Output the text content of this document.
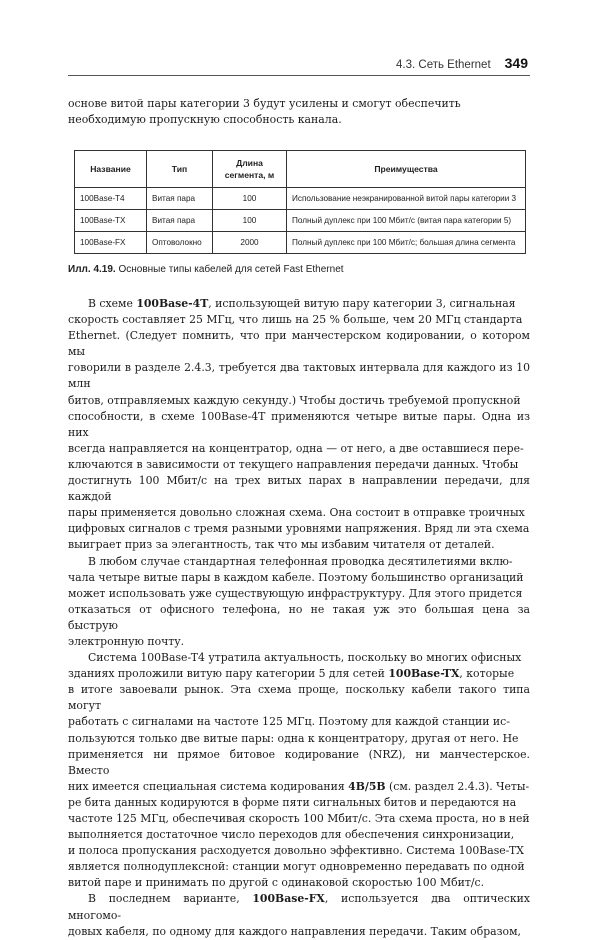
4.3. Сеть Ethernet 349

основе витой пары категории 3 будут усилены и смогут обеспечить необходимую пропускную способность канала.

Название	Тип	Длина сегмента, м	Преимущества
100Base-T4	Витая пара	100	Использование неэкранированной витой пары категории 3
100Base-TX	Витая пара	100	Полный дуплекс при 100 Мбит/с (витая пара категории 5)
100Base-FX	Оптоволокно	2000	Полный дуплекс при 100 Мбит/с; большая длина сегмента
Илл. 4.19. Основные типы кабелей для сетей Fast Ethernet

В схеме 100Base-4T, использующей витую пару категории 3, сигнальная
скорость составляет 25 МГц, что лишь на 25 % больше, чем 20 МГц стандарта
Ethernet. (Следует помнить, что при манчестерском кодировании, о котором мы
говорили в разделе 2.4.3, требуется два тактовых интервала для каждого из 10 млн
битов, отправляемых каждую секунду.) Чтобы достичь требуемой пропускной
способности, в схеме 100Base-4T применяются четыре витые пары. Одна из них
всегда направляется на концентратор, одна — от него, а две оставшиеся пере-
ключаются в зависимости от текущего направления передачи данных. Чтобы
достигнуть 100 Мбит/с на трех витых парах в направлении передачи, для каждой
пары применяется довольно сложная схема. Она состоит в отправке троичных
цифровых сигналов с тремя разными уровнями напряжения. Вряд ли эта схема
выиграет приз за элегантность, так что мы избавим читателя от деталей.

В любом случае стандартная телефонная проводка десятилетиями вклю-
чала четыре витые пары в каждом кабеле. Поэтому большинство организаций
может использовать уже существующую инфраструктуру. Для этого придется
отказаться от офисного телефона, но не такая уж это большая цена за быструю
электронную почту.

Система 100Base-T4 утратила актуальность, поскольку во многих офисных
зданиях проложили витую пару категории 5 для сетей 100Base-TX, которые
в итоге завоевали рынок. Эта схема проще, поскольку кабели такого типа могут
работать с сигналами на частоте 125 МГц. Поэтому для каждой станции ис-
пользуются только две витые пары: одна к концентратору, другая от него. Не
применяется ни прямое битовое кодирование (NRZ), ни манчестерское. Вместо
них имеется специальная система кодирования 4B/5B (см. раздел 2.4.3). Четы-
ре бита данных кодируются в форме пяти сигнальных битов и передаются на
частоте 125 МГц, обеспечивая скорость 100 Мбит/с. Эта схема проста, но в ней
выполняется достаточное число переходов для обеспечения синхронизации,
и полоса пропускания расходуется довольно эффективно. Система 100Base-TX
является полнодуплексной: станции могут одновременно передавать по одной
витой паре и принимать по другой с одинаковой скоростью 100 Мбит/с.

В последнем варианте, 100Base-FX, используется два оптических многомо-
довых кабеля, по одному для каждого направления передачи. Таким образом,
